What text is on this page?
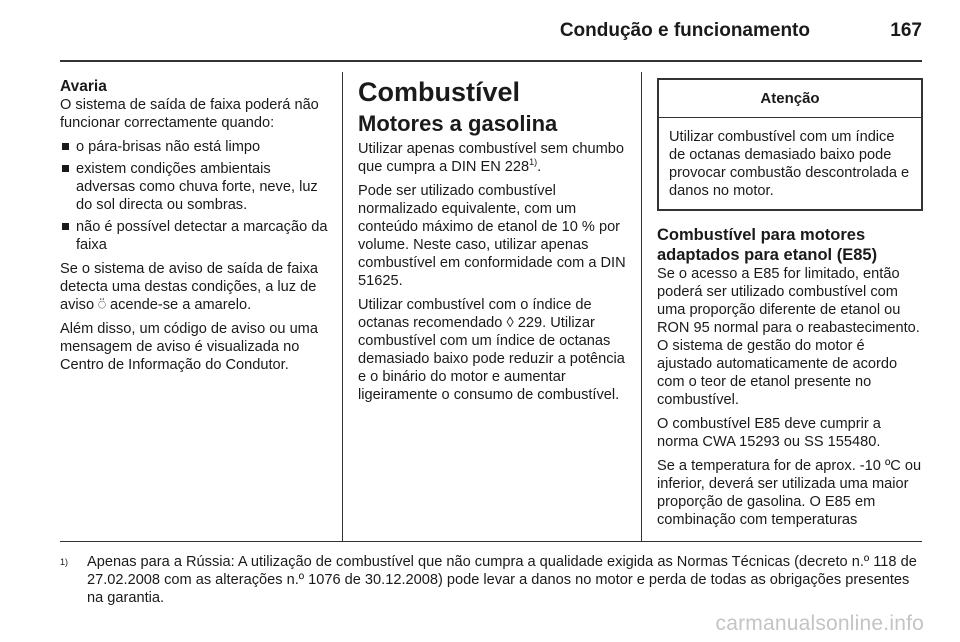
Condução e funcionamento	167
Avaria

O sistema de saída de faixa poderá não funcionar correctamente quando:

o pára-brisas não está limpo
existem condições ambientais adversas como chuva forte, neve, luz do sol directa ou sombras.
não é possível detectar a marcação da faixa

Se o sistema de aviso de saída de faixa detecta uma destas condições, a luz de aviso ⍥ acende-se a amarelo.

Além disso, um código de aviso ou uma mensagem de aviso é visualizada no Centro de Informação do Condutor.

Combustível
Motores a gasolina

Utilizar apenas combustível sem chumbo que cumpra a DIN EN 228$^{1)}$.

Pode ser utilizado combustível normalizado equivalente, com um conteúdo máximo de etanol de 10 % por volume. Neste caso, utilizar apenas combustível em conformidade com a DIN 51625.

Utilizar combustível com o índice de octanas recomendado ◊ 229. Utilizar combustível com um índice de octanas demasiado baixo pode reduzir a potência e o binário do motor e aumentar ligeiramente o consumo de combustível.

Atenção
Utilizar combustível com um índice de octanas demasiado baixo pode provocar combustão descontrolada e danos no motor.
Combustível para motores adaptados para etanol (E85)

Se o acesso a E85 for limitado, então poderá ser utilizado combustível com uma proporção diferente de etanol ou RON 95 normal para o reabastecimento. O sistema de gestão do motor é ajustado automaticamente de acordo com o teor de etanol presente no combustível.

O combustível E85 deve cumprir a norma CWA 15293 ou SS 155480.

Se a temperatura for de aprox. -10 ºC ou inferior, deverá ser utilizada uma maior proporção de gasolina. O E85 em combinação com temperaturas

1) Apenas para a Rússia: A utilização de combustível que não cumpra a qualidade exigida as Normas Técnicas (decreto n.º 118 de 27.02.2008 com as alterações n.º 1076 de 30.12.2008) pode levar a danos no motor e perda de todas as obrigações presentes na garantia.
carmanualsonline.info
